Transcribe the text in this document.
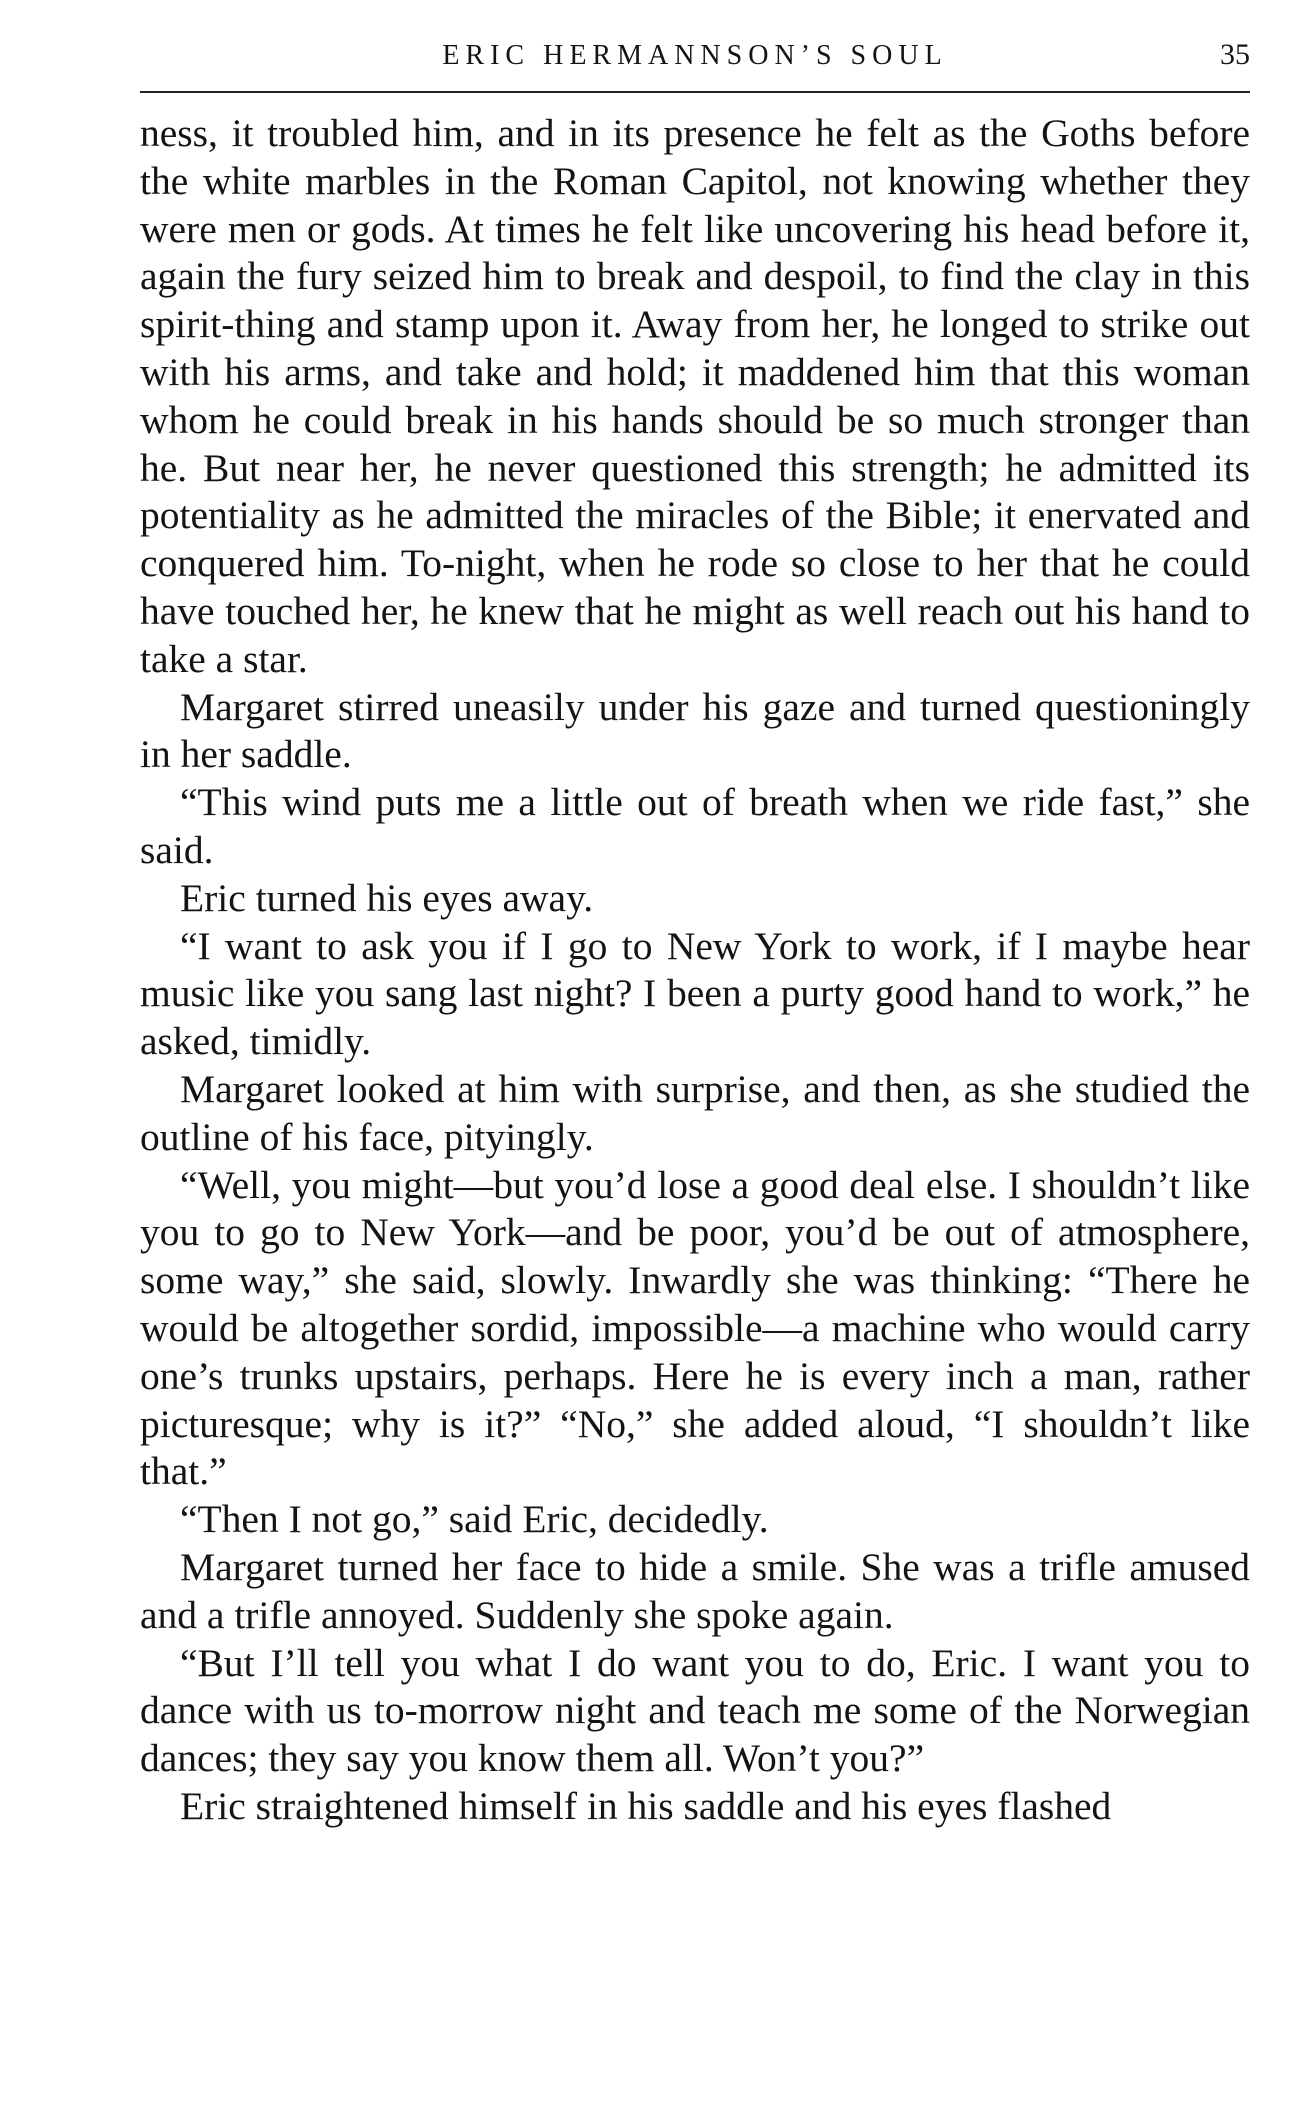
ERIC HERMANNSON’S SOUL	35

ness, it troubled him, and in its presence he felt as the Goths before the white marbles in the Roman Capitol, not knowing whether they were men or gods. At times he felt like uncovering his head before it, again the fury seized him to break and despoil, to find the clay in this spirit-thing and stamp upon it. Away from her, he longed to strike out with his arms, and take and hold; it maddened him that this woman whom he could break in his hands should be so much stronger than he. But near her, he never questioned this strength; he admitted its potentiality as he admitted the miracles of the Bible; it enervated and conquered him. To-night, when he rode so close to her that he could have touched her, he knew that he might as well reach out his hand to take a star.

Margaret stirred uneasily under his gaze and turned questioningly in her saddle.

“This wind puts me a little out of breath when we ride fast,” she said.

Eric turned his eyes away.

“I want to ask you if I go to New York to work, if I maybe hear music like you sang last night? I been a purty good hand to work,” he asked, timidly.

Margaret looked at him with surprise, and then, as she studied the outline of his face, pityingly.

“Well, you might—but you’d lose a good deal else. I shouldn’t like you to go to New York—and be poor, you’d be out of atmosphere, some way,” she said, slowly. Inwardly she was thinking: “There he would be altogether sordid, impossible—a machine who would carry one’s trunks upstairs, perhaps. Here he is every inch a man, rather picturesque; why is it?” “No,” she added aloud, “I shouldn’t like that.”

“Then I not go,” said Eric, decidedly.

Margaret turned her face to hide a smile. She was a trifle amused and a trifle annoyed. Suddenly she spoke again.

“But I’ll tell you what I do want you to do, Eric. I want you to dance with us to-morrow night and teach me some of the Norwegian dances; they say you know them all. Won’t you?”

Eric straightened himself in his saddle and his eyes flashed
